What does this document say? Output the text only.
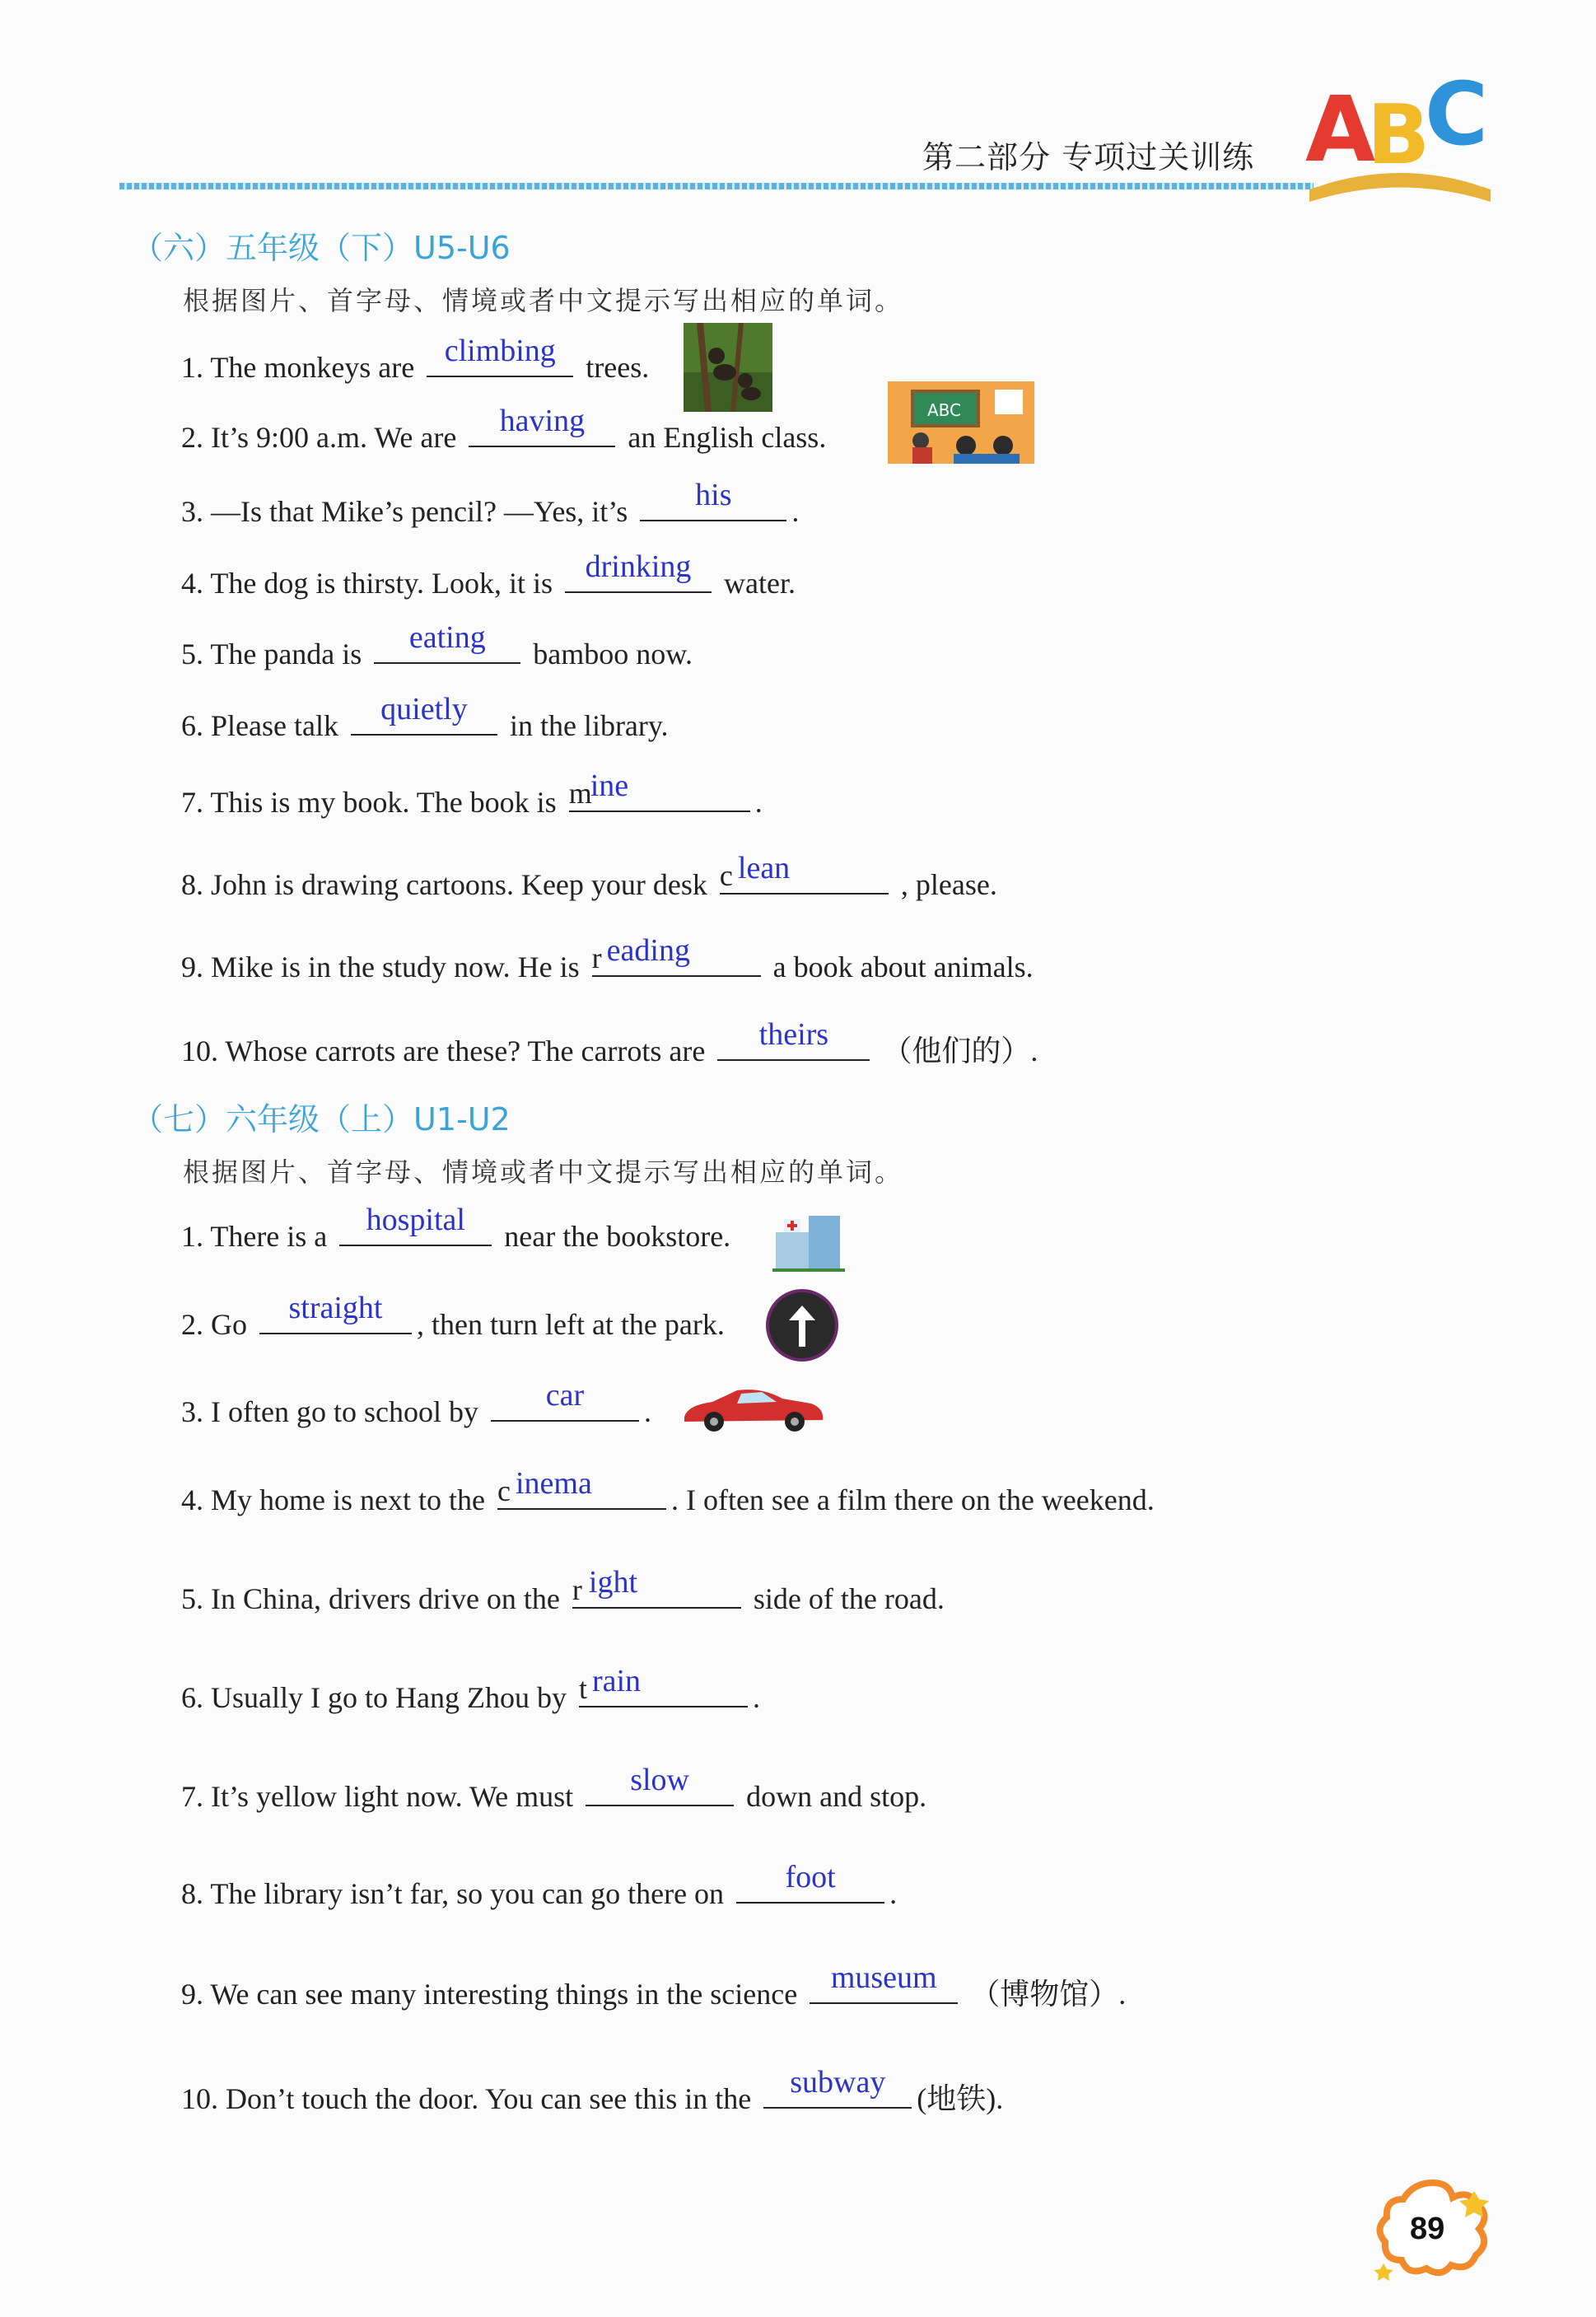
第二部分 专项过关训练 A
B
C
（六）五年级（下）U5-U6
根据图片、首字母、情境或者中文提示写出相应的单词。
1. The monkeys are climbing	trees.
2. It’s 9:00 a.m. We are	having	an English class.
ABC
3. —Is that Mike’s pencil? —Yes, it’s	his	.
4. The dog is thirsty. Look, it is	drinking	water.
5. The panda is	eating	bamboo now.
6. Please talk	quietly	in the library.
7. This is my book. The book is m
ine	.
8. John is drawing cartoons. Keep your desk c lean	, please.
9. Mike is in the study now. He is r eading	a book about animals.
10. Whose carrots are these? The carrots are	theirs	（他们的）.
（七）六年级（上）U1-U2
根据图片、首字母、情境或者中文提示写出相应的单词。
1. There is a	hospital	near the bookstore.
2. Go	straight	, then turn left at the park.
3. I often go to school by	car	.
4. My home is next to the c inema	. I often see a film there on the weekend.
5. In China, drivers drive on the r ight	side of the road.
6. Usually I go to Hang Zhou by t rain	.
7. It’s yellow light now. We must	slow	down and stop.
8. The library isn’t far, so you can go there on	foot	.
9. We can see many interesting things in the science	museum	（博物馆）.
10. Don’t touch the door. You can see this in the	subway	(地铁).
89
